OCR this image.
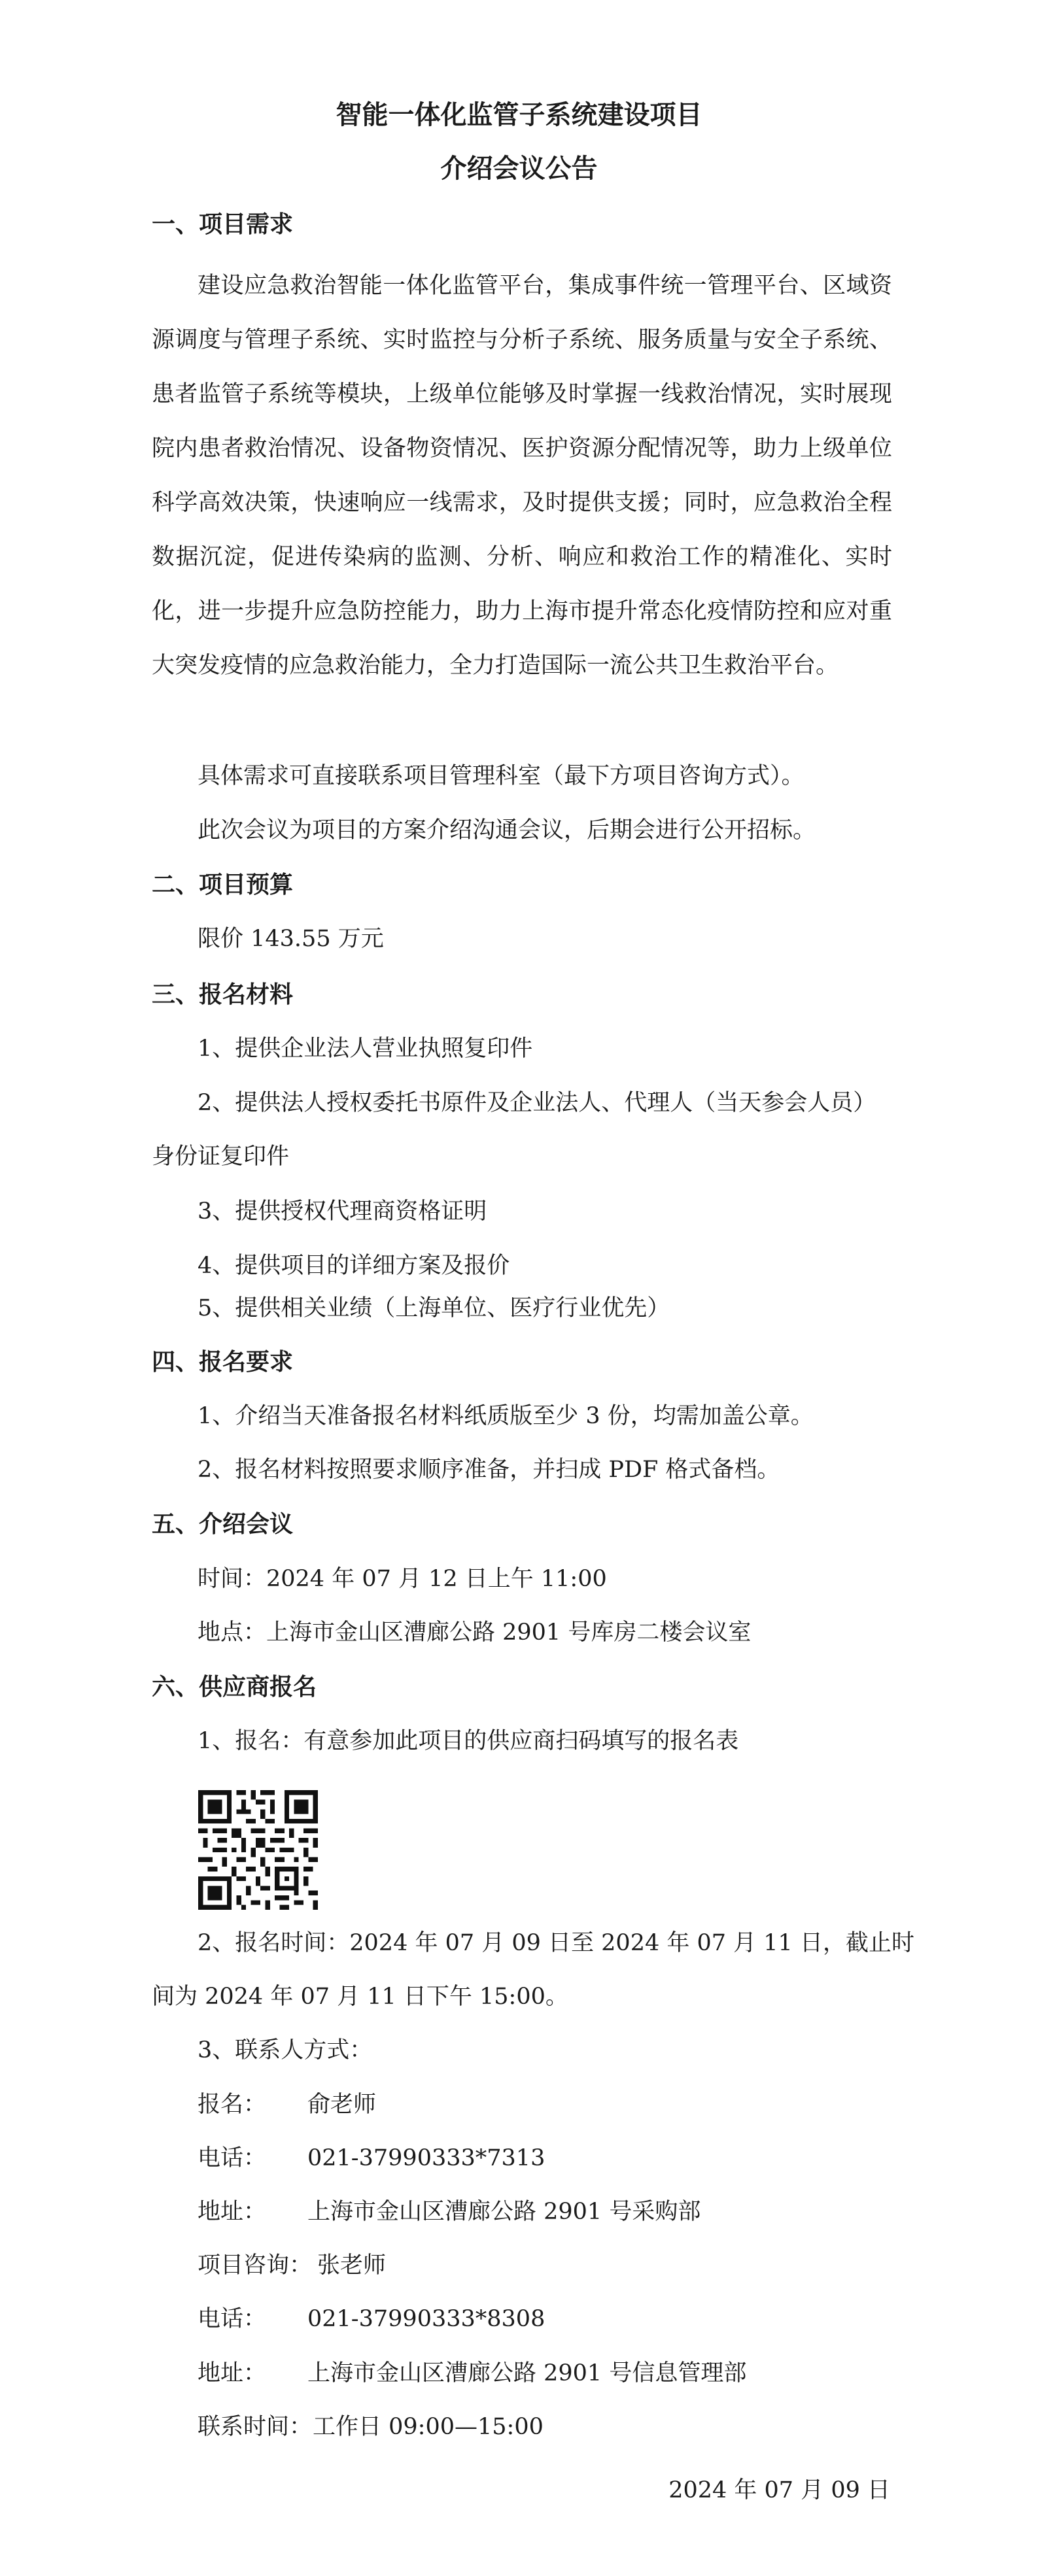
智能一体化监管子系统建设项目
介绍会议公告
一、项目需求
建设应急救治智能一体化监管平台，集成事件统一管理平台、区域资源调度与管理子系统、实时监控与分析子系统、服务质量与安全子系统、患者监管子系统等模块，上级单位能够及时掌握一线救治情况，实时展现院内患者救治情况、设备物资情况、医护资源分配情况等，助力上级单位科学高效决策，快速响应一线需求，及时提供支援；同时，应急救治全程数据沉淀，促进传染病的监测、分析、响应和救治工作的精准化、实时化，进一步提升应急防控能力，助力上海市提升常态化疫情防控和应对重大突发疫情的应急救治能力，全力打造国际一流公共卫生救治平台。
具体需求可直接联系项目管理科室（最下方项目咨询方式）。
此次会议为项目的方案介绍沟通会议，后期会进行公开招标。
二、项目预算
限价 143.55 万元
三、报名材料
1、提供企业法人营业执照复印件
2、提供法人授权委托书原件及企业法人、代理人（当天参会人员）
身份证复印件
3、提供授权代理商资格证明
4、提供项目的详细方案及报价
5、提供相关业绩（上海单位、医疗行业优先）
四、报名要求
1、介绍当天准备报名材料纸质版至少 3 份，均需加盖公章。
2、报名材料按照要求顺序准备，并扫成 PDF 格式备档。
五、介绍会议
时间：2024 年 07 月 12 日上午 11:00
地点：上海市金山区漕廊公路 2901 号库房二楼会议室
六、供应商报名
1、报名：有意参加此项目的供应商扫码填写的报名表
2、报名时间：2024 年 07 月 09 日至 2024 年 07 月 11 日，截止时
间为 2024 年 07 月 11 日下午 15:00。
3、联系人方式：
报名： 俞老师
电话： 021-37990333*7313
地址： 上海市金山区漕廊公路 2901 号采购部
项目咨询： 张老师
电话： 021-37990333*8308
地址： 上海市金山区漕廊公路 2901 号信息管理部
联系时间： 工作日 09:00—15:00
2024 年 07 月 09 日
